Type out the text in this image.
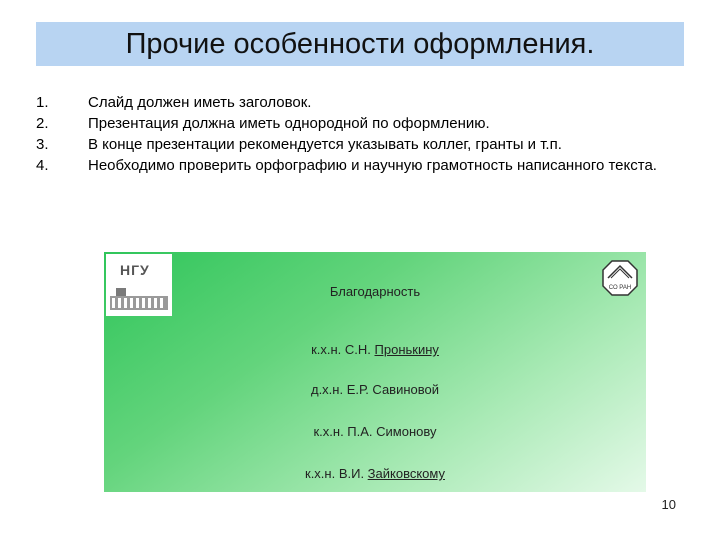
Прочие особенности оформления.
1.	Слайд должен иметь заголовок.
2.	Презентация должна иметь однородной по оформлению.
3.	В конце презентации рекомендуется указывать коллег, гранты и т.п.
4.	Необходимо проверить орфографию и научную грамотность написанного текста.
НГУ
СО РАН
Благодарность
к.х.н. С.Н. Пронькину
д.х.н. Е.Р. Савиновой
к.х.н. П.А. Симонову
к.х.н. В.И. Зайковскому
10
